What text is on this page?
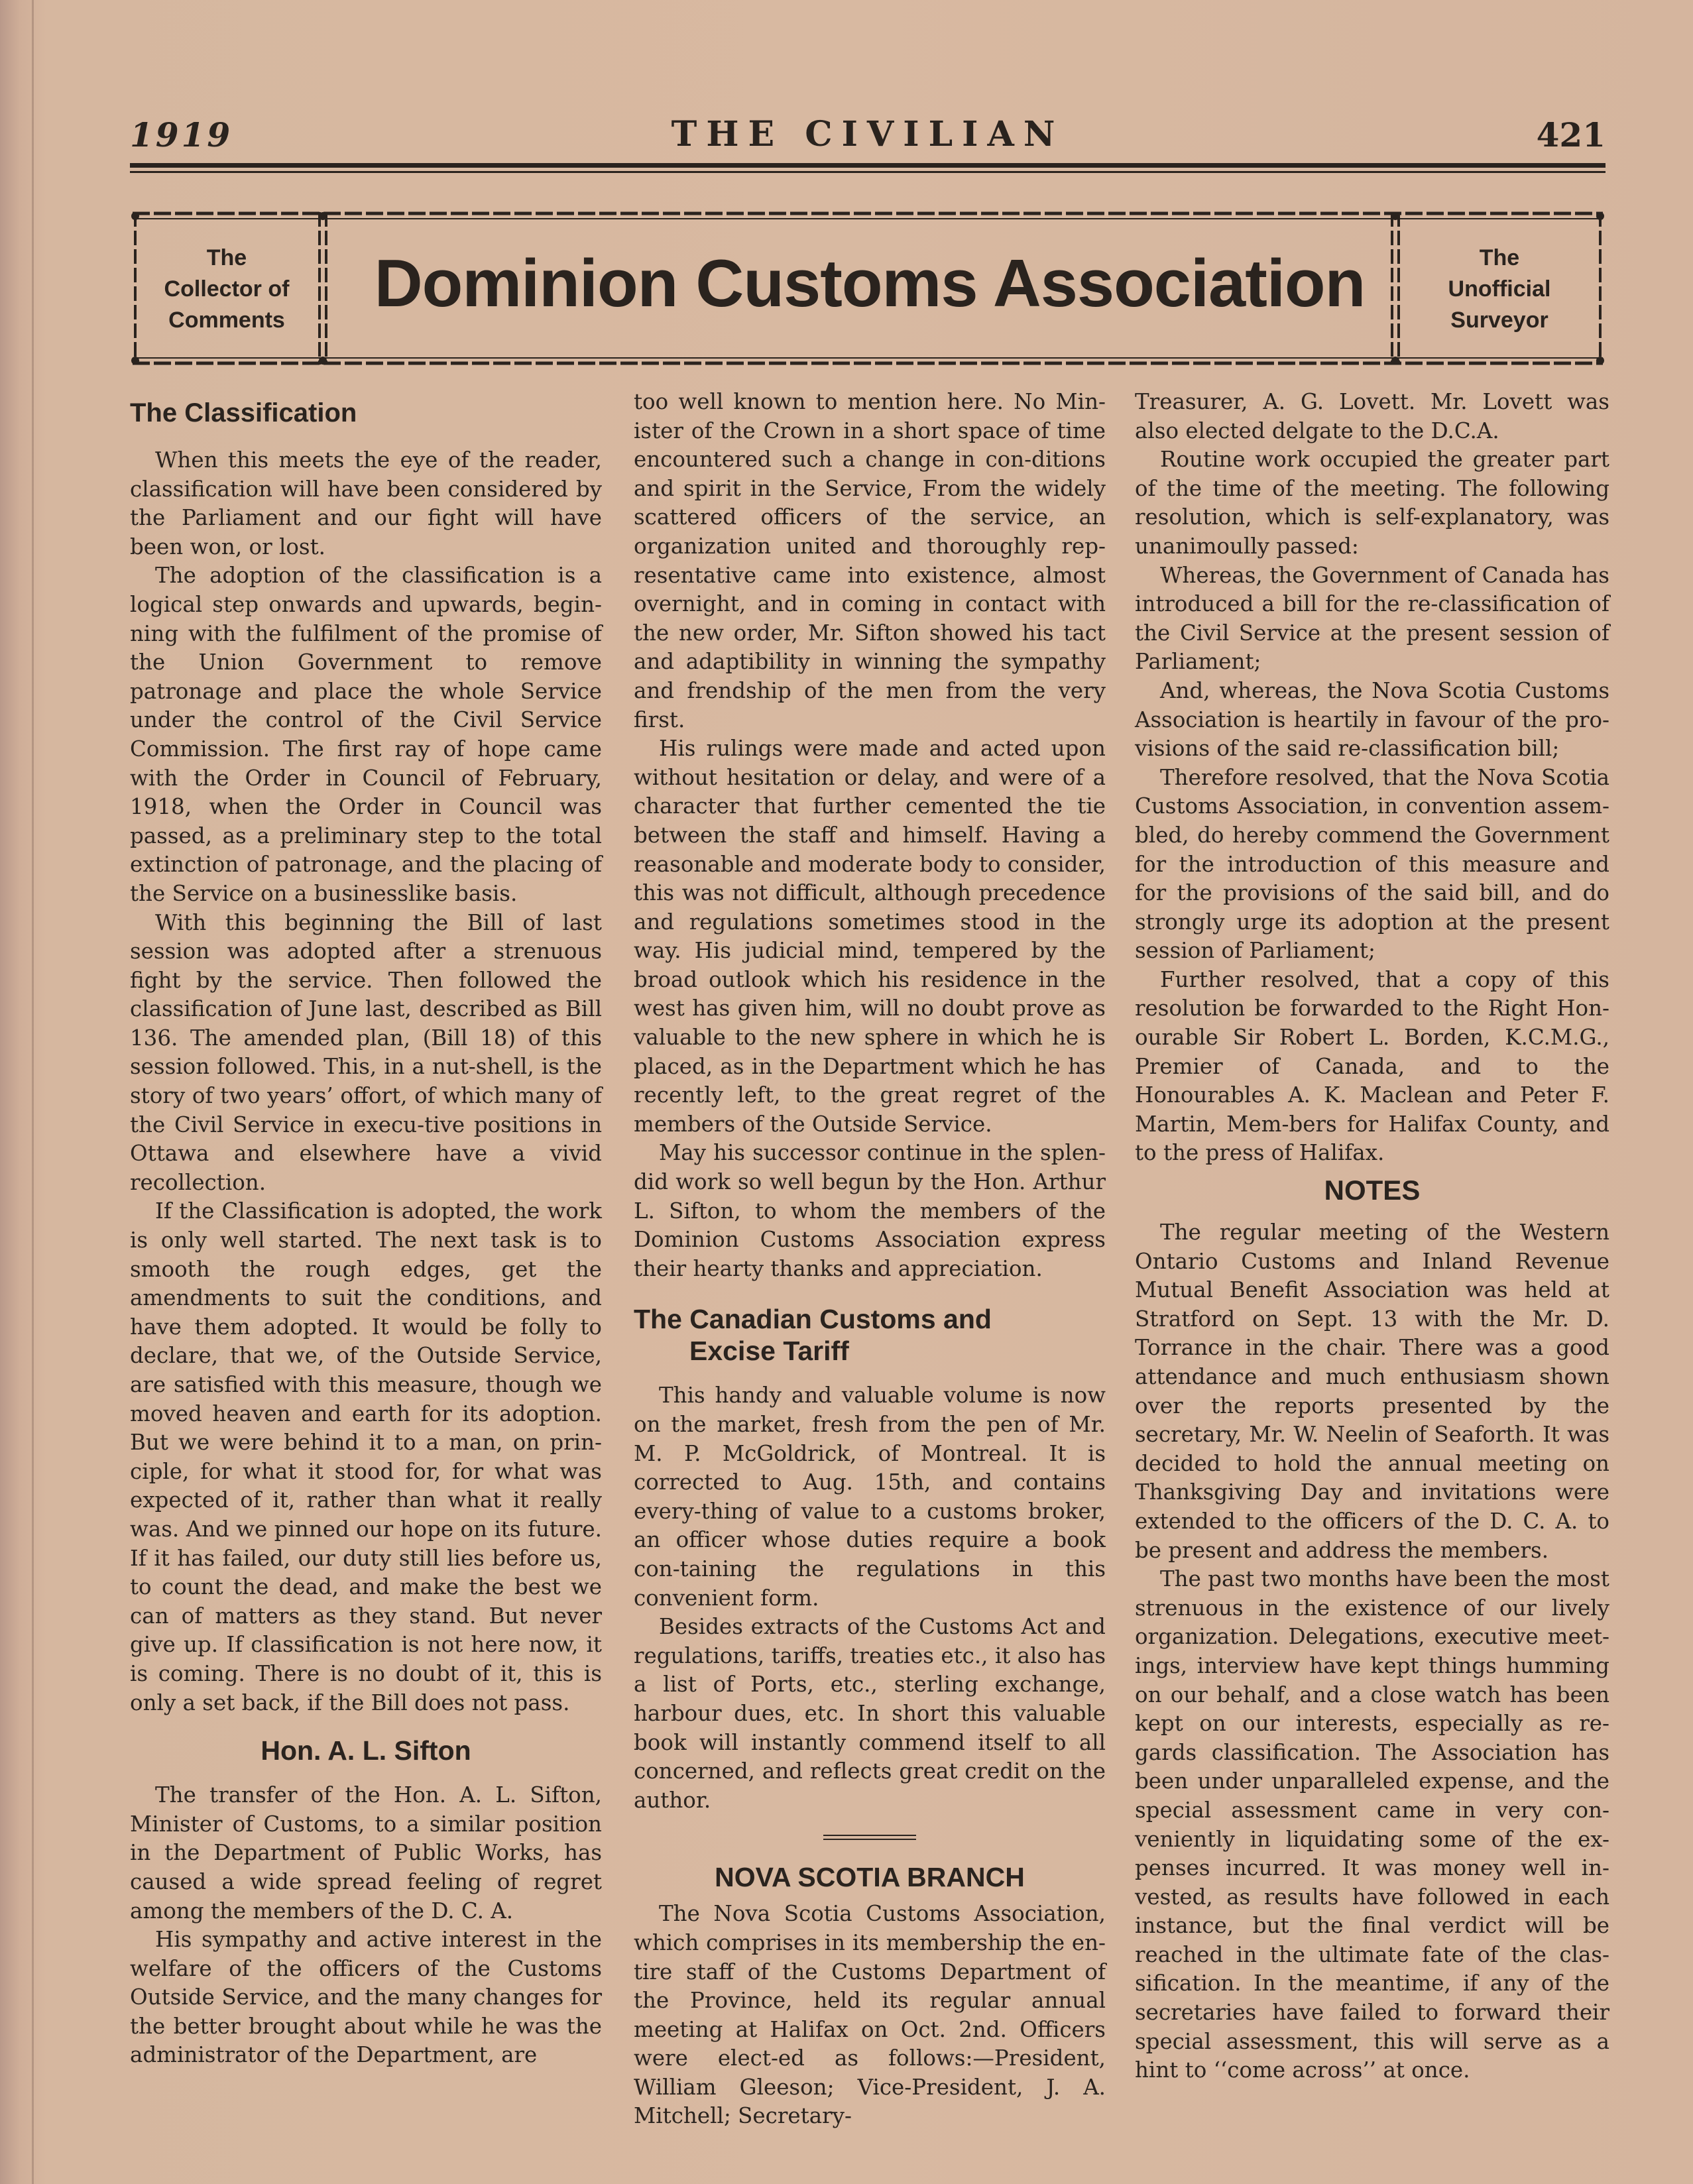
1919	THE CIVILIAN	421
The
Collector of
Comments	Dominion Customs Association	The
Unofficial
Surveyor
The Classification

When this meets the eye of the reader, classification will have been considered by the Parliament and our fight will have been won, or lost.

The adoption of the classification is a logical step onwards and upwards, begin-ning with the fulfilment of the promise of the Union Government to remove patronage and place the whole Service under the control of the Civil Service Commission. The first ray of hope came with the Order in Council of February, 1918, when the Order in Council was passed, as a preliminary step to the total extinction of patronage, and the placing of the Service on a businesslike basis.

With this beginning the Bill of last session was adopted after a strenuous fight by the service. Then followed the classification of June last, described as Bill 136. The amended plan, (Bill 18) of this session followed. This, in a nut-shell, is the story of two years’ offort, of which many of the Civil Service in execu-tive positions in Ottawa and elsewhere have a vivid recollection.

If the Classification is adopted, the work is only well started. The next task is to smooth the rough edges, get the amendments to suit the conditions, and have them adopted. It would be folly to declare, that we, of the Outside Service, are satisfied with this measure, though we moved heaven and earth for its adoption. But we were behind it to a man, on prin-ciple, for what it stood for, for what was expected of it, rather than what it really was. And we pinned our hope on its future. If it has failed, our duty still lies before us, to count the dead, and make the best we can of matters as they stand. But never give up. If classification is not here now, it is coming. There is no doubt of it, this is only a set back, if the Bill does not pass.

Hon. A. L. Sifton

The transfer of the Hon. A. L. Sifton, Minister of Customs, to a similar position in the Department of Public Works, has caused a wide spread feeling of regret among the members of the D. C. A.

His sympathy and active interest in the welfare of the officers of the Customs Outside Service, and the many changes for the better brought about while he was the administrator of the Department, are

too well known to mention here. No Min-ister of the Crown in a short space of time encountered such a change in con-ditions and spirit in the Service, From the widely scattered officers of the service, an organization united and thoroughly rep-resentative came into existence, almost overnight, and in coming in contact with the new order, Mr. Sifton showed his tact and adaptibility in winning the sympathy and frendship of the men from the very first.

His rulings were made and acted upon without hesitation or delay, and were of a character that further cemented the tie between the staff and himself. Having a reasonable and moderate body to consider, this was not difficult, although precedence and regulations sometimes stood in the way. His judicial mind, tempered by the broad outlook which his residence in the west has given him, will no doubt prove as valuable to the new sphere in which he is placed, as in the Department which he has recently left, to the great regret of the members of the Outside Service.

May his successor continue in the splen-did work so well begun by the Hon. Arthur L. Sifton, to whom the members of the Dominion Customs Association express their hearty thanks and appreciation.

The Canadian Customs and
Excise Tariff

This handy and valuable volume is now on the market, fresh from the pen of Mr. M. P. McGoldrick, of Montreal. It is corrected to Aug. 15th, and contains every-thing of value to a customs broker, an officer whose duties require a book con-taining the regulations in this convenient form.

Besides extracts of the Customs Act and regulations, tariffs, treaties etc., it also has a list of Ports, etc., sterling exchange, harbour dues, etc. In short this valuable book will instantly commend itself to all concerned, and reflects great credit on the author.

NOVA SCOTIA BRANCH

The Nova Scotia Customs Association, which comprises in its membership the en-tire staff of the Customs Department of the Province, held its regular annual meeting at Halifax on Oct. 2nd. Officers were elect-ed as follows:—President, William Gleeson; Vice-President, J. A. Mitchell; Secretary-

Treasurer, A. G. Lovett. Mr. Lovett was also elected delgate to the D.C.A.

Routine work occupied the greater part of the time of the meeting. The following resolution, which is self-explanatory, was unanimoully passed:

Whereas, the Government of Canada has introduced a bill for the re-classification of the Civil Service at the present session of Parliament;

And, whereas, the Nova Scotia Customs Association is heartily in favour of the pro-visions of the said re-classification bill;

Therefore resolved, that the Nova Scotia Customs Association, in convention assem-bled, do hereby commend the Government for the introduction of this measure and for the provisions of the said bill, and do strongly urge its adoption at the present session of Parliament;

Further resolved, that a copy of this resolution be forwarded to the Right Hon-ourable Sir Robert L. Borden, K.C.M.G., Premier of Canada, and to the Honourables A. K. Maclean and Peter F. Martin, Mem-bers for Halifax County, and to the press of Halifax.

NOTES

The regular meeting of the Western Ontario Customs and Inland Revenue Mutual Benefit Association was held at Stratford on Sept. 13 with the Mr. D. Torrance in the chair. There was a good attendance and much enthusiasm shown over the reports presented by the secretary, Mr. W. Neelin of Seaforth. It was decided to hold the annual meeting on Thanksgiving Day and invitations were extended to the officers of the D. C. A. to be present and address the members.

The past two months have been the most strenuous in the existence of our lively organization. Delegations, executive meet-ings, interview have kept things humming on our behalf, and a close watch has been kept on our interests, especially as re-gards classification. The Association has been under unparalleled expense, and the special assessment came in very con-veniently in liquidating some of the ex-penses incurred. It was money well in-vested, as results have followed in each instance, but the final verdict will be reached in the ultimate fate of the clas-sification. In the meantime, if any of the secretaries have failed to forward their special assessment, this will serve as a hint to ‘‘come across’’ at once.
